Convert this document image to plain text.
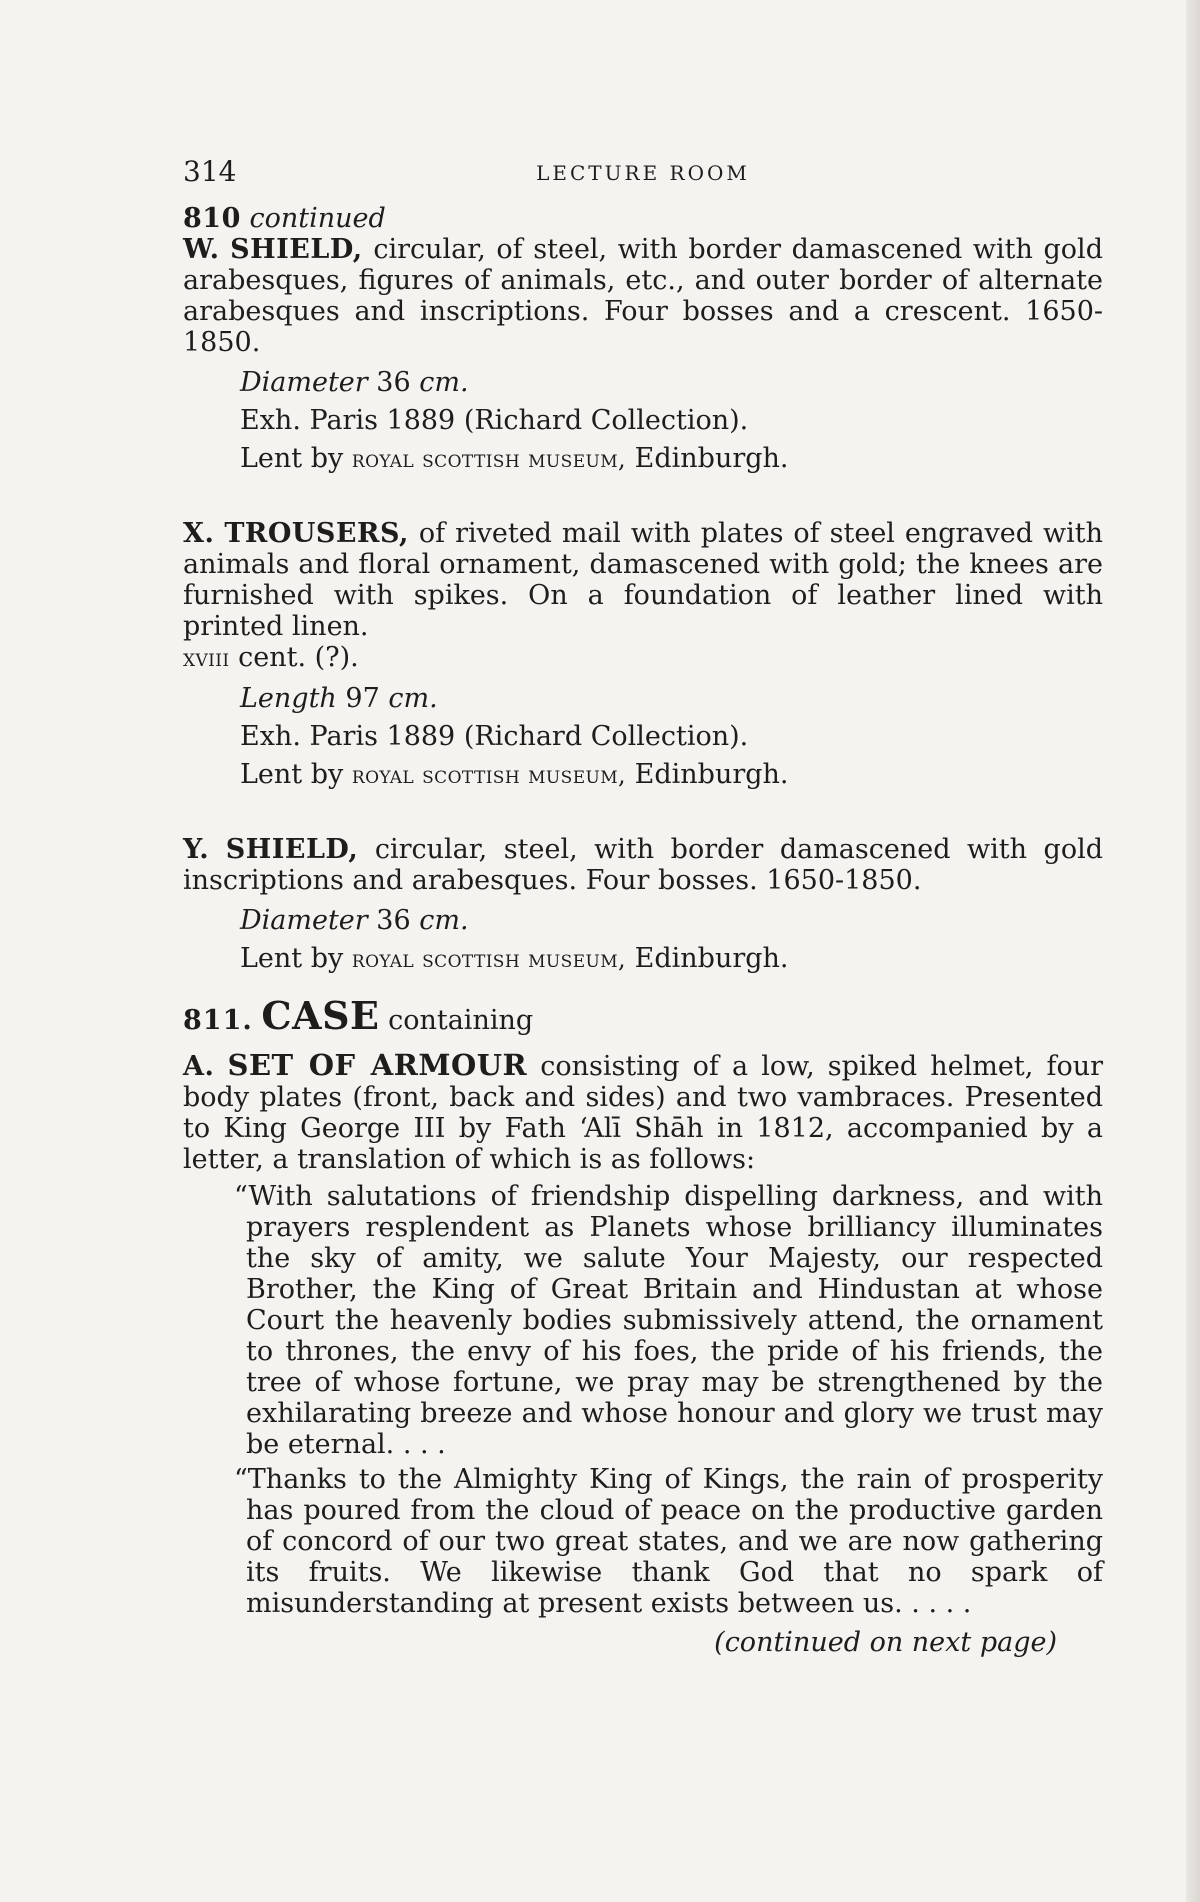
314	LECTURE ROOM
810 continued
W. SHIELD, circular, of steel, with border damascened with gold arabesques, figures of animals, etc., and outer border of alternate arabesques and inscriptions. Four bosses and a crescent. 1650-1850.
Diameter 36 cm.
Exh. Paris 1889 (Richard Collection).
Lent by royal scottish museum, Edinburgh.
X. TROUSERS, of riveted mail with plates of steel engraved with animals and floral ornament, damascened with gold; the knees are furnished with spikes. On a foundation of leather lined with printed linen.
xviii cent. (?).
Length 97 cm.
Exh. Paris 1889 (Richard Collection).
Lent by royal scottish museum, Edinburgh.
Y. SHIELD, circular, steel, with border damascened with gold inscriptions and arabesques. Four bosses. 1650-1850.
Diameter 36 cm.
Lent by royal scottish museum, Edinburgh.
811. CASE containing
A. SET OF ARMOUR consisting of a low, spiked helmet, four body plates (front, back and sides) and two vambraces. Presented to King George III by Fath ‘Alī Shāh in 1812, accompanied by a letter, a translation of which is as follows:
“With salutations of friendship dispelling darkness, and with prayers resplendent as Planets whose brilliancy illuminates the sky of amity, we salute Your Majesty, our respected Brother, the King of Great Britain and Hindustan at whose Court the heavenly bodies submissively attend, the ornament to thrones, the envy of his foes, the pride of his friends, the tree of whose fortune, we pray may be strengthened by the exhilarating breeze and whose honour and glory we trust may be eternal. . . .
“Thanks to the Almighty King of Kings, the rain of prosperity has poured from the cloud of peace on the productive garden of concord of our two great states, and we are now gathering its fruits. We likewise thank God that no spark of misunderstanding at present exists between us. . . . .
(continued on next page)
